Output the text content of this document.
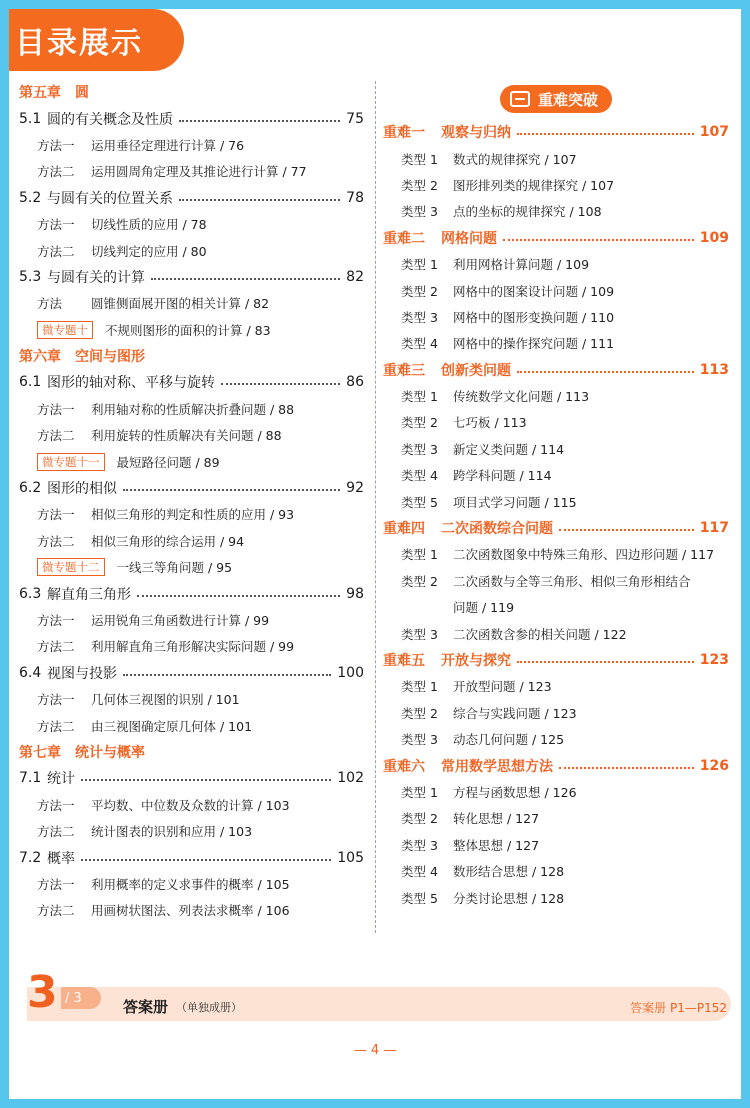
目录展示
第五章　圆
5.1 圆的有关概念及性质	75
方法一	运用垂径定理进行计算 / 76
方法二	运用圆周角定理及其推论进行计算 / 77
5.2 与圆有关的位置关系	78
方法一	切线性质的应用 / 78
方法二	切线判定的应用 / 80
5.3 与圆有关的计算	82
方法	圆锥侧面展开图的相关计算 / 82
微专题十	不规则图形的面积的计算 / 83
第六章　空间与图形
6.1 图形的轴对称、平移与旋转	86
方法一	利用轴对称的性质解决折叠问题 / 88
方法二	利用旋转的性质解决有关问题 / 88
微专题十一	最短路径问题 / 89
6.2 图形的相似	92
方法一	相似三角形的判定和性质的应用 / 93
方法二	相似三角形的综合运用 / 94
微专题十二	一线三等角问题 / 95
6.3 解直角三角形	98
方法一	运用锐角三角函数进行计算 / 99
方法二	利用解直角三角形解决实际问题 / 99
6.4 视图与投影	100
方法一	几何体三视图的识别 / 101
方法二	由三视图确定原几何体 / 101
第七章　统计与概率
7.1 统计	102
方法一	平均数、中位数及众数的计算 / 103
方法二	统计图表的识别和应用 / 103
7.2 概率	105
方法一	利用概率的定义求事件的概率 / 105
方法二	用画树状图法、列表法求概率 / 106
重难突破
重难一	观察与归纳	107
类型 1	数式的规律探究 / 107
类型 2	图形排列类的规律探究 / 107
类型 3	点的坐标的规律探究 / 108
重难二	网格问题	109
类型 1	利用网格计算问题 / 109
类型 2	网格中的图案设计问题 / 109
类型 3	网格中的图形变换问题 / 110
类型 4	网格中的操作探究问题 / 111
重难三	创新类问题	113
类型 1	传统数学文化问题 / 113
类型 2	七巧板 / 113
类型 3	新定义类问题 / 114
类型 4	跨学科问题 / 114
类型 5	项目式学习问题 / 115
重难四	二次函数综合问题	117
类型 1	二次函数图象中特殊三角形、四边形问题 / 117
类型 2	二次函数与全等三角形、相似三角形相结合
问题 / 119
类型 3	二次函数含参的相关问题 / 122
重难五	开放与探究	123
类型 1	开放型问题 / 123
类型 2	综合与实践问题 / 123
类型 3	动态几何问题 / 125
重难六	常用数学思想方法	126
类型 1	方程与函数思想 / 126
类型 2	转化思想 / 127
类型 3	整体思想 / 127
类型 4	数形结合思想 / 128
类型 5	分类讨论思想 / 128
3 / 3	答案册 （单独成册）	答案册 P1—P152
— 4 —
